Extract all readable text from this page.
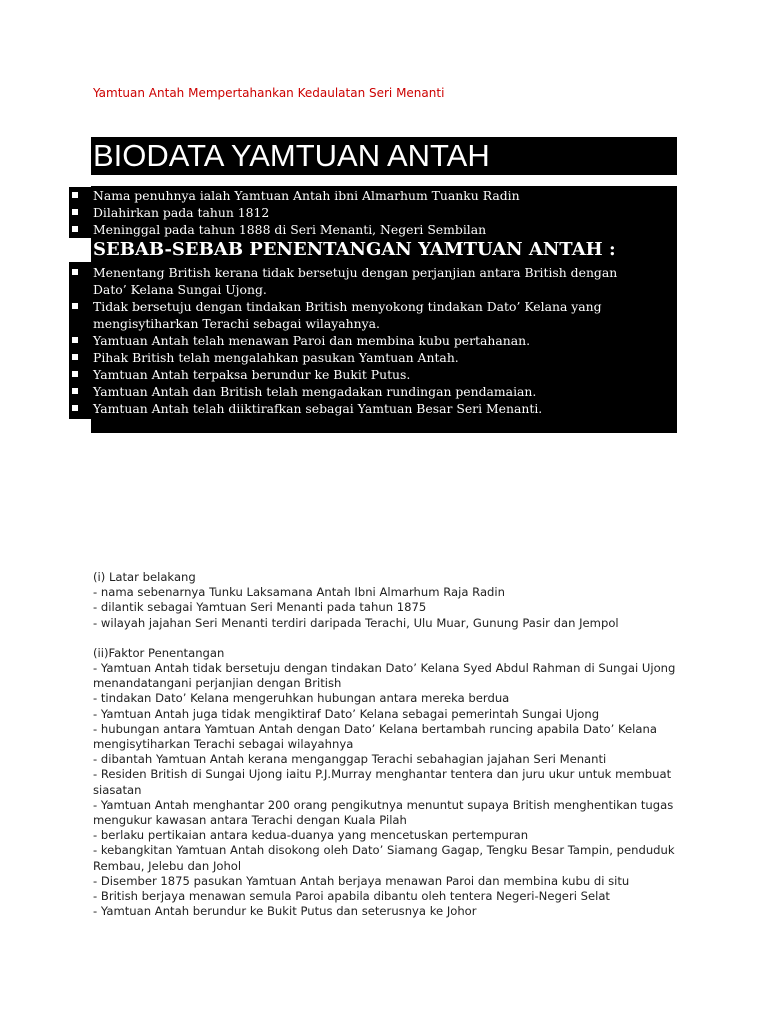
Yamtuan Antah Mempertahankan Kedaulatan Seri Menanti
BIODATA YAMTUAN ANTAH
Nama penuhnya ialah Yamtuan Antah ibni Almarhum Tuanku Radin
Dilahirkan pada tahun 1812
Meninggal pada tahun 1888 di Seri Menanti, Negeri Sembilan
SEBAB-SEBAB PENENTANGAN YAMTUAN ANTAH :
Menentang British kerana tidak bersetuju dengan perjanjian antara British dengan
Dato’ Kelana Sungai Ujong.
Tidak bersetuju dengan tindakan British menyokong tindakan Dato’ Kelana yang
mengisytiharkan Terachi sebagai wilayahnya.
Yamtuan Antah telah menawan Paroi dan membina kubu pertahanan.
Pihak British telah mengalahkan pasukan Yamtuan Antah.
Yamtuan Antah terpaksa berundur ke Bukit Putus.
Yamtuan Antah dan British telah mengadakan rundingan pendamaian.
Yamtuan Antah telah diiktirafkan sebagai Yamtuan Besar Seri Menanti.
(i) Latar belakang
- nama sebenarnya Tunku Laksamana Antah Ibni Almarhum Raja Radin
- dilantik sebagai Yamtuan Seri Menanti pada tahun 1875
- wilayah jajahan Seri Menanti terdiri daripada Terachi, Ulu Muar, Gunung Pasir dan Jempol
(ii)Faktor Penentangan
- Yamtuan Antah tidak bersetuju dengan tindakan Dato’ Kelana Syed Abdul Rahman di Sungai Ujong
menandatangani perjanjian dengan British
- tindakan Dato’ Kelana mengeruhkan hubungan antara mereka berdua
- Yamtuan Antah juga tidak mengiktiraf Dato’ Kelana sebagai pemerintah Sungai Ujong
- hubungan antara Yamtuan Antah dengan Dato’ Kelana bertambah runcing apabila Dato’ Kelana
mengisytiharkan Terachi sebagai wilayahnya
- dibantah Yamtuan Antah kerana menganggap Terachi sebahagian jajahan Seri Menanti
- Residen British di Sungai Ujong iaitu P.J.Murray menghantar tentera dan juru ukur untuk membuat
siasatan
- Yamtuan Antah menghantar 200 orang pengikutnya menuntut supaya British menghentikan tugas
mengukur kawasan antara Terachi dengan Kuala Pilah
- berlaku pertikaian antara kedua-duanya yang mencetuskan pertempuran
- kebangkitan Yamtuan Antah disokong oleh Dato’ Siamang Gagap, Tengku Besar Tampin, penduduk
Rembau, Jelebu dan Johol
- Disember 1875 pasukan Yamtuan Antah berjaya menawan Paroi dan membina kubu di situ
- British berjaya menawan semula Paroi apabila dibantu oleh tentera Negeri-Negeri Selat
- Yamtuan Antah berundur ke Bukit Putus dan seterusnya ke Johor
